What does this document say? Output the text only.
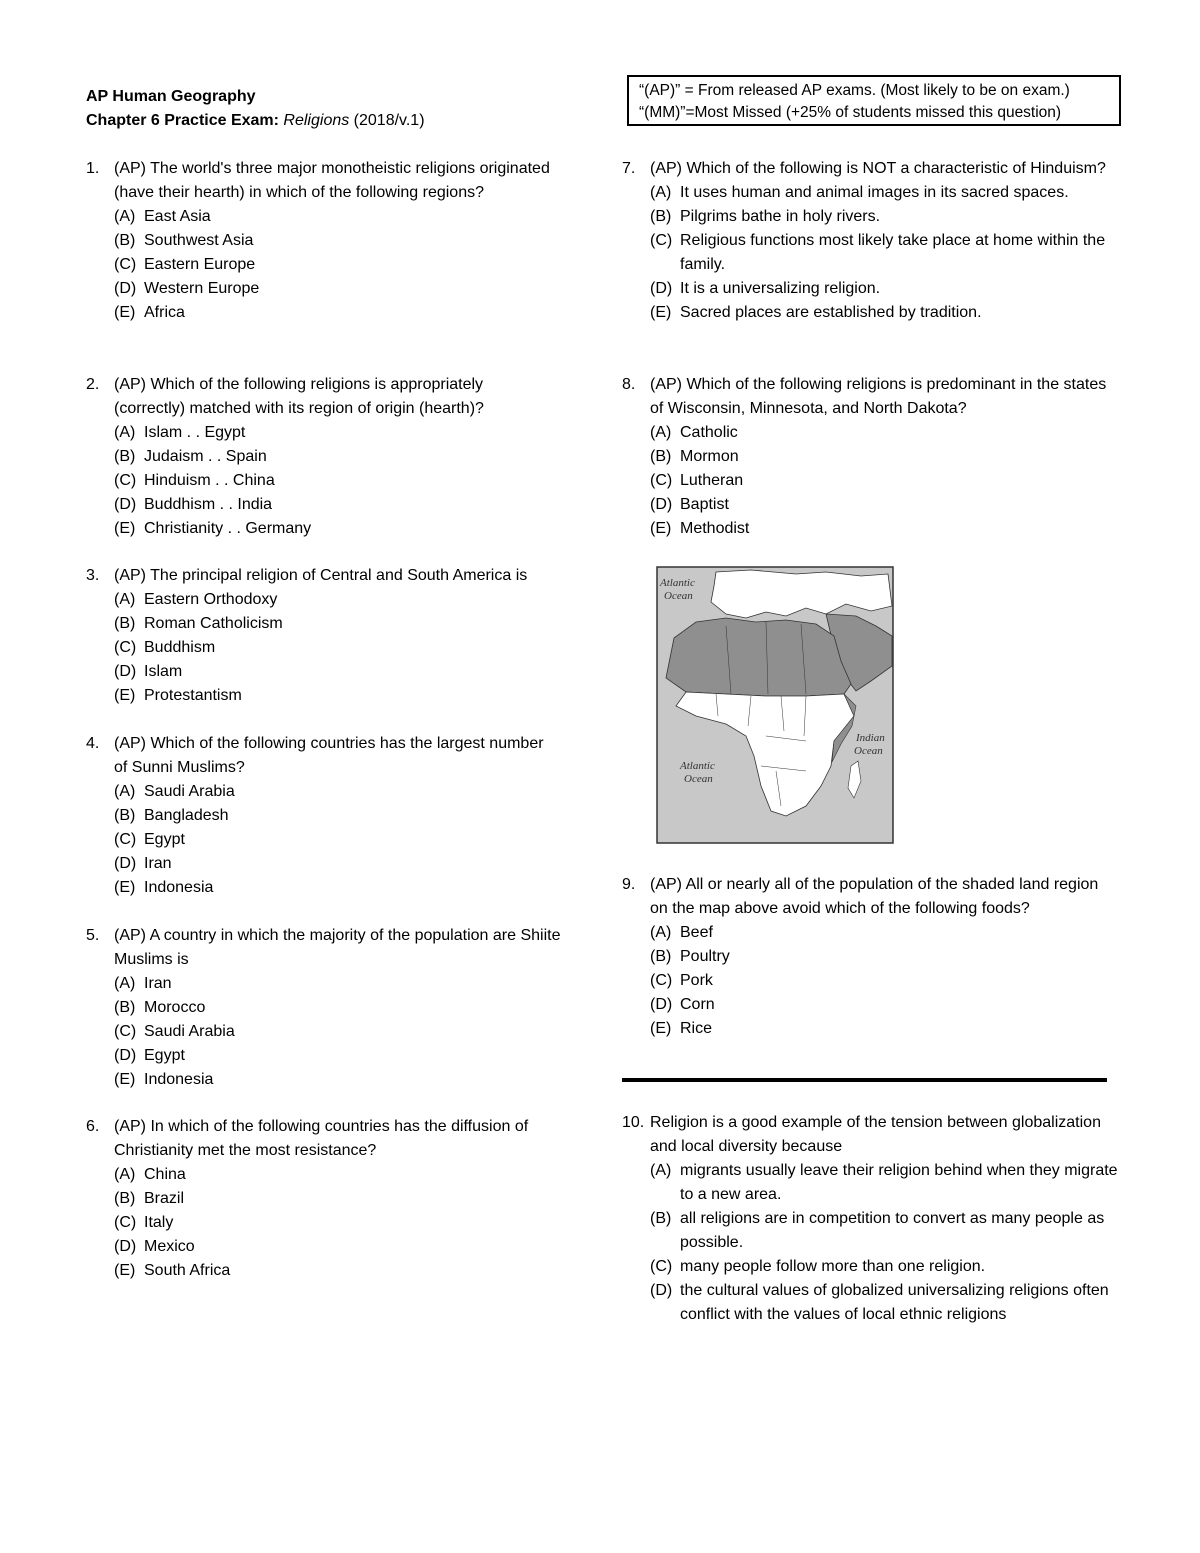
AP Human Geography
Chapter 6 Practice Exam: Religions (2018/v.1)
“(AP)” = From released AP exams. (Most likely to be on exam.)
“(MM)”=Most Missed (+25% of students missed this question)
1. (AP) The world's three major monotheistic religions originated (have their hearth) in which of the following regions?
(A) East Asia
(B) Southwest Asia
(C) Eastern Europe
(D) Western Europe
(E) Africa
2. (AP) Which of the following religions is appropriately (correctly) matched with its region of origin (hearth)?
(A) Islam . . Egypt
(B) Judaism . . Spain
(C) Hinduism . . China
(D) Buddhism . . India
(E) Christianity . . Germany
3. (AP) The principal religion of Central and South America is
(A) Eastern Orthodoxy
(B) Roman Catholicism
(C) Buddhism
(D) Islam
(E) Protestantism
4. (AP) Which of the following countries has the largest number of Sunni Muslims?
(A) Saudi Arabia
(B) Bangladesh
(C) Egypt
(D) Iran
(E) Indonesia
5. (AP) A country in which the majority of the population are Shiite Muslims is
(A) Iran
(B) Morocco
(C) Saudi Arabia
(D) Egypt
(E) Indonesia
6. (AP) In which of the following countries has the diffusion of Christianity met the most resistance?
(A) China
(B) Brazil
(C) Italy
(D) Mexico
(E) South Africa
7. (AP) Which of the following is NOT a characteristic of Hinduism?
(A) It uses human and animal images in its sacred spaces.
(B) Pilgrims bathe in holy rivers.
(C) Religious functions most likely take place at home within the family.
(D) It is a universalizing religion.
(E) Sacred places are established by tradition.
8. (AP) Which of the following religions is predominant in the states of Wisconsin, Minnesota, and North Dakota?
(A) Catholic
(B) Mormon
(C) Lutheran
(D) Baptist
(E) Methodist
Atlantic Ocean
Atlantic Ocean
Indian Ocean
9. (AP) All or nearly all of the population of the shaded land region on the map above avoid which of the following foods?
(A) Beef
(B) Poultry
(C) Pork
(D) Corn
(E) Rice
10. Religion is a good example of the tension between globalization and local diversity because
(A) migrants usually leave their religion behind when they migrate to a new area.
(B) all religions are in competition to convert as many people as possible.
(C) many people follow more than one religion.
(D) the cultural values of globalized universalizing religions often conflict with the values of local ethnic religions
